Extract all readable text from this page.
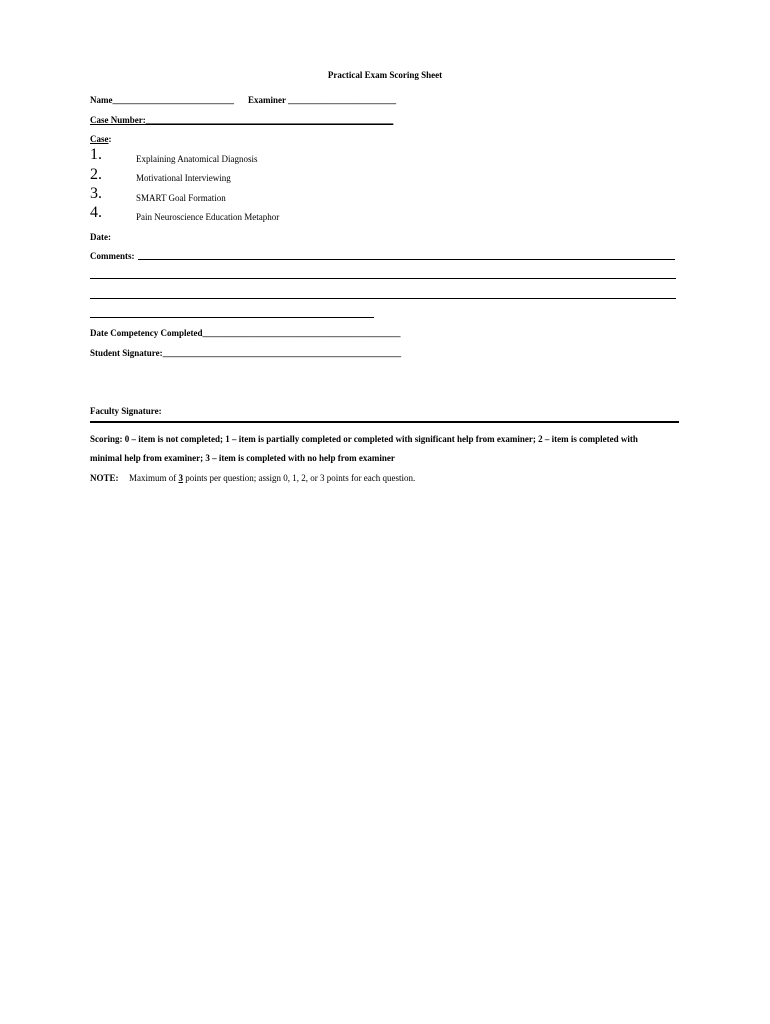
Practical Exam Scoring Sheet
Name___________________________ Examiner ________________________
Case Number:_______________________________________________________
Case:
1.	Explaining Anatomical Diagnosis
2.	Motivational Interviewing
3.	SMART Goal Formation
4.	Pain Neuroscience Education Metaphor
Date:
Comments:
Date Competency Completed____________________________________________
Student Signature:_____________________________________________________
Faculty Signature:
Scoring: 0 – item is not completed; 1 – item is partially completed or completed with significant help from examiner; 2 – item is completed with
minimal help from examiner; 3 – item is completed with no help from examiner
NOTE: Maximum of 3 points per question; assign 0, 1, 2, or 3 points for each question.
